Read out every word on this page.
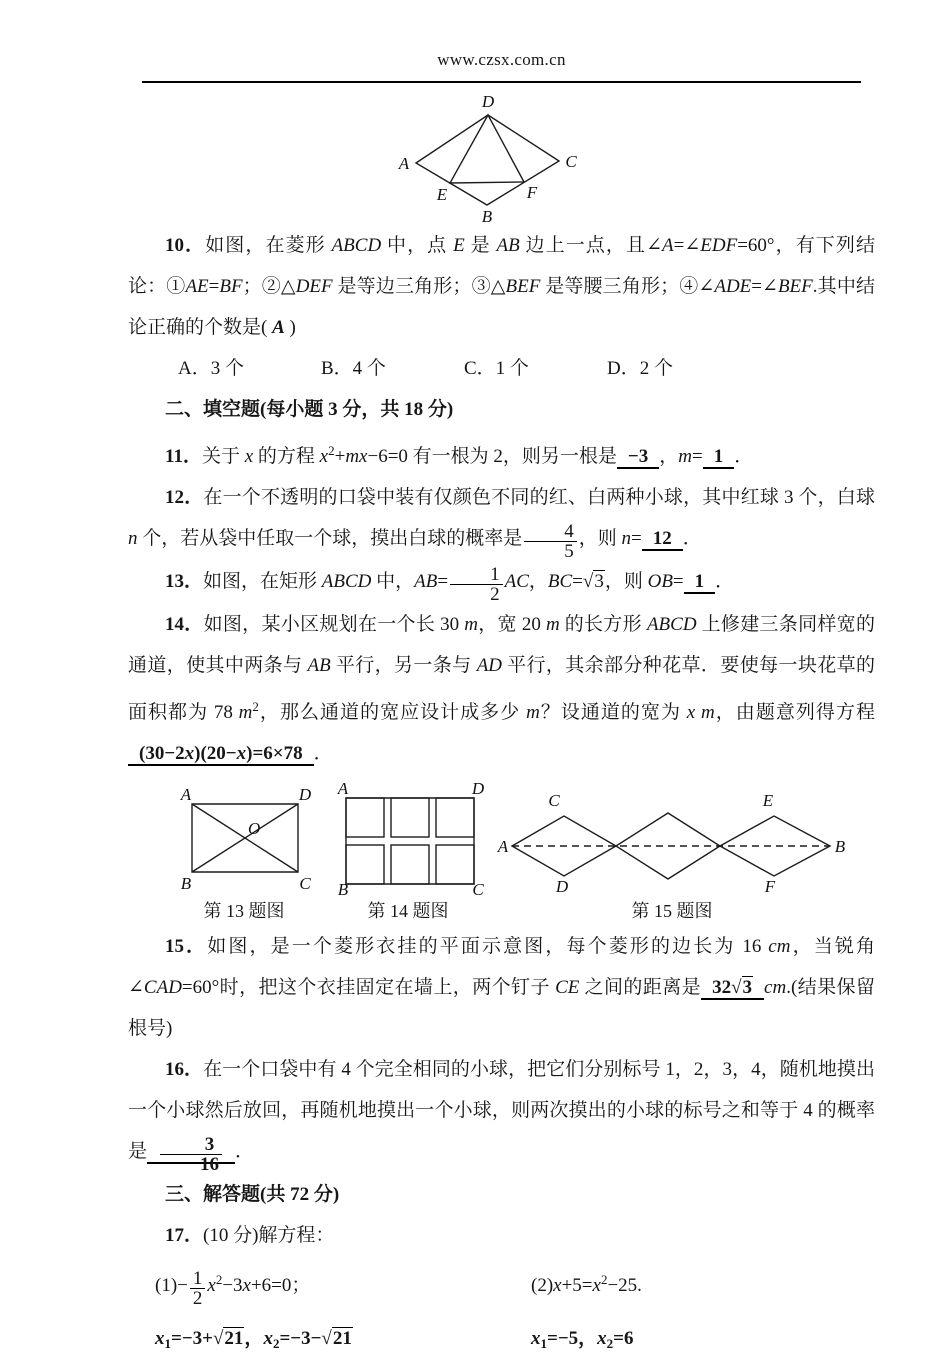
www.czsx.com.cn
D
A	C
B
E	F

10．如图，在菱形 ABCD 中，点 E 是 AB 边上一点，且∠A=∠EDF=60°，有下列结论：①AE=BF；②△DEF 是等边三角形；③△BEF 是等腰三角形；④∠ADE=∠BEF.其中结论正确的个数是( A )

A．3 个	B．4 个	C．1 个	D．2 个

二、填空题(每小题 3 分，共 18 分)

11．关于 x 的方程 $x^2+mx-6=0$ 有一根为 2，则另一根是 −3 ，m= 1 ．

12．在一个不透明的口袋中装有仅颜色不同的红、白两种小球，其中红球 3 个，白球 n 个，若从袋中任取一个球，摸出白球的概率是 $\frac{4}{5}$ ，则 n= 12 ．

13．如图，在矩形 ABCD 中，$AB= \frac{1}{2}$ AC，BC=√3，则 OB= 1 ．

14．如图，某小区规划在一个长 30 m，宽 20 m 的长方形 ABCD 上修建三条同样宽的通道，使其中两条与 AB 平行，另一条与 AD 平行，其余部分种花草．要使每一块花草的面积都为 78 $m^2$，那么通道的宽应设计成多少 m？设通道的宽为 x m，由题意列得方程(30−2x)(20−x)=6×78 ．

A	D
B	C
O
第 13 题图
A	D
B	C
第 14 题图
A	B
C
D
E
F
第 15 题图

15．如图，是一个菱形衣挂的平面示意图，每个菱形的边长为 16 cm，当锐角∠CAD=60°时，把这个衣挂固定在墙上，两个钉子 CE 之间的距离是 32√3 cm.(结果保留根号)

16．在一个口袋中有 4 个完全相同的小球，把它们分别标号 1，2，3，4，随机地摸出一个小球然后放回，再随机地摸出一个小球，则两次摸出的小球的标号之和等于 4 的概率是 $\frac{3}{16}$ ．

三、解答题(共 72 分)

17．(10 分)解方程：

$(1)- \frac{1}{2} x^2-3x+6=0$；	$(2)x+5=x^2-25$.
$x_1=-3+√21$，$x_2=-3-√21$	$x_1=-5$，$x_2=6$
